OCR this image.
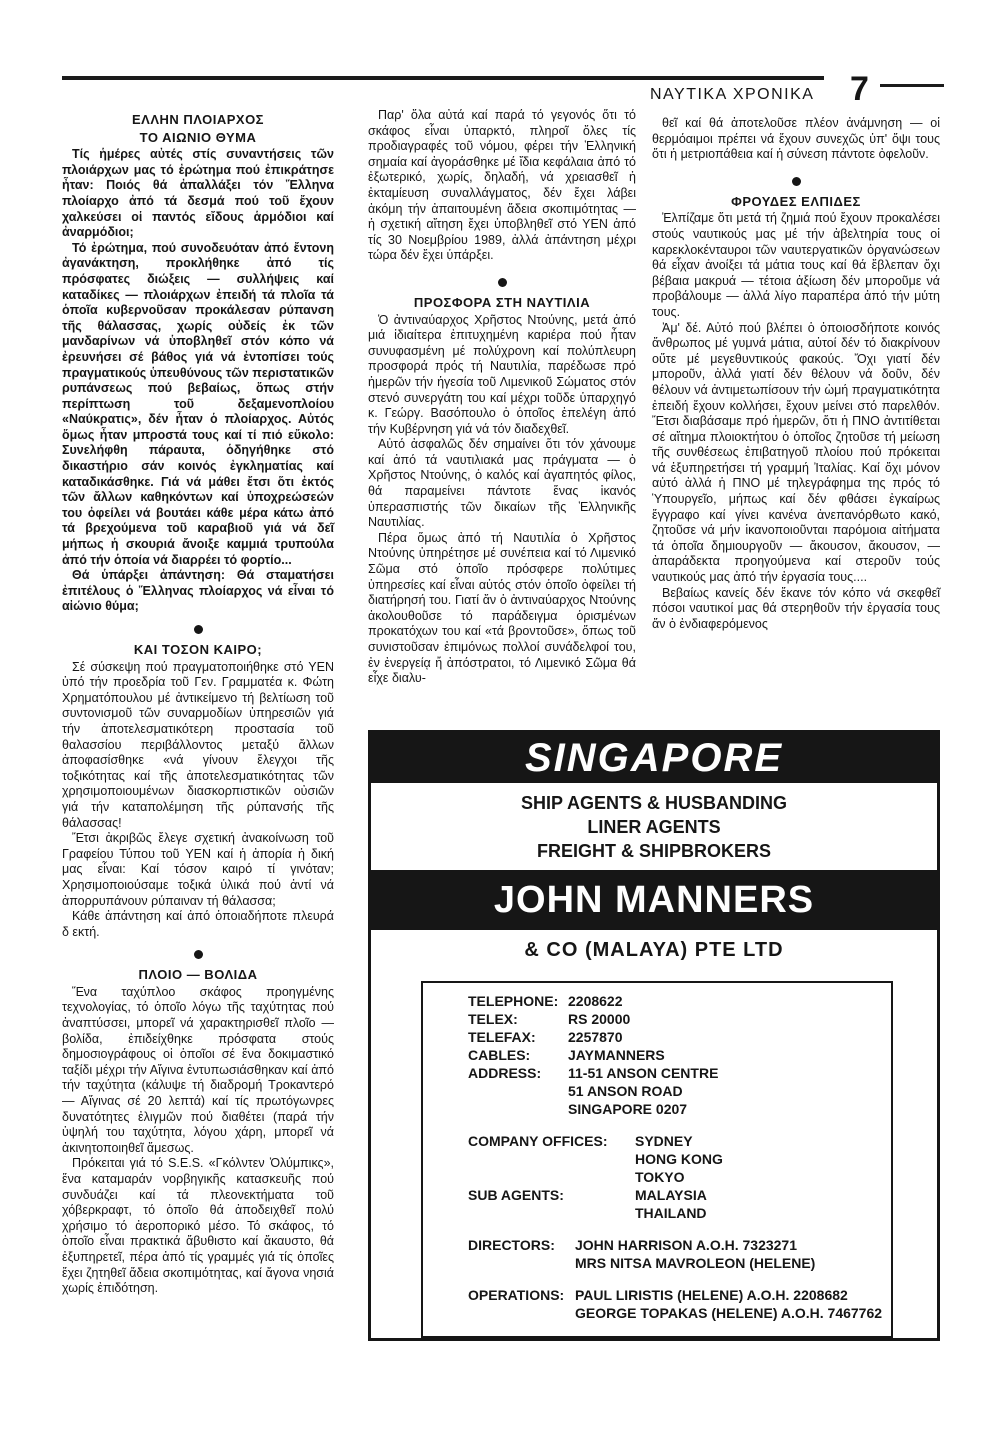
ΝΑΥΤΙΚΑ ΧΡΟΝΙΚΑ 7
ΕΛΛΗΝ ΠΛΟΙΑΡΧΟΣ
ΤΟ ΑΙΩΝΙΟ ΘΥΜΑ

Τίς ἡμέρες αὐτές στίς συναντήσεις τῶν πλοιάρχων μας τό ἐρώτημα πού ἐπικράτησε ἦταν: Ποιός θά ἀπαλλάξει τόν Ἕλληνα πλοίαρχο ἀπό τά δεσμά πού τοῦ ἔχουν χαλκεύσει οἱ παντός εἴδους ἁρμόδιοι καί ἀναρμόδιοι;

Τό ἐρώτημα, πού συνοδευόταν ἀπό ἔντονη ἀγανάκτηση, προκλήθηκε ἀπό τίς πρόσφατες διώξεις — συλλήψεις καί καταδίκες — πλοιάρχων ἐπειδή τά πλοῖα τά ὁποῖα κυβερνοῦσαν προκάλεσαν ρύπανση τῆς θάλασσας, χωρίς οὐδείς ἐκ τῶν μανδαρίνων νά ὑποβληθεῖ στόν κόπο νά ἐρευνήσει σέ βάθος γιά νά ἐντοπίσει τούς πραγματικούς ὑπευθύνους τῶν περιστατικῶν ρυπάνσεως πού βεβαίως, ὅπως στήν περίπτωση τοῦ δεξαμενοπλοίου «Ναύκρατις», δέν ἦταν ὁ πλοίαρχος. Αὐτός ὅμως ἦταν μπροστά τους καί τί πιό εὔκολο: Συνελήφθη πάραυτα, ὁδηγήθηκε στό δικαστήριο σάν κοινός ἐγκληματίας καί καταδικάσθηκε. Γιά νά μάθει ἔτσι ὅτι ἐκτός τῶν ἄλλων καθηκόντων καί ὑποχρεώσεών του ὀφείλει νά βουτάει κάθε μέρα κάτω ἀπό τά βρεχούμενα τοῦ καραβιοῦ γιά νά δεῖ μήπως ἡ σκουριά ἄνοιξε καμμιά τρυπούλα ἀπό τήν ὁποία νά διαρρέει τό φορτίο...

Θά ὑπάρξει ἀπάντηση: Θά σταματήσει ἐπιτέλους ὁ Ἕλληνας πλοίαρχος νά εἶναι τό αἰώνιο θύμα;

ΚΑΙ ΤΟΣΟΝ ΚΑΙΡΟ;

Σέ σύσκεψη πού πραγματοποιήθηκε στό ΥΕΝ ὑπό τήν προεδρία τοῦ Γεν. Γραμματέα κ. Φώτη Χρηματόπουλου μέ ἀντικείμενο τή βελτίωση τοῦ συντονισμοῦ τῶν συναρμοδίων ὑπηρεσιῶν γιά τήν ἀποτελεσματικότερη προστασία τοῦ θαλασσίου περιβάλλοντος μεταξύ ἄλλων ἀποφασίσθηκε «νά γίνουν ἔλεγχοι τῆς τοξικότητας καί τῆς ἀποτελεσματικότητας τῶν χρησιμοποιουμένων διασκορπιστικῶν οὐσιῶν γιά τήν καταπολέμηση τῆς ρύπανσής τῆς θάλασσας!

Ἔτσι ἀκριβῶς ἔλεγε σχετική ἀνακοίνωση τοῦ Γραφείου Τύπου τοῦ ΥΕΝ καί ἡ ἀπορία ἡ δική μας εἶναι: Καί τόσον καιρό τί γινόταν; Χρησιμοποιούσαμε τοξικά ὑλικά πού ἀντί νά ἀπορρυπάνουν ρύπαιναν τή θάλασσα;

Κάθε ἀπάντηση καί ἀπό ὁποιαδήποτε πλευρά δ εκτή.

ΠΛΟΙΟ — ΒΟΛΙΔΑ

Ἕνα ταχύπλοο σκάφος προηγμένης τεχνολογίας, τό ὁποῖο λόγω τῆς ταχύτητας πού ἀναπτύσσει, μπορεῖ νά χαρακτηρισθεῖ πλοῖο — βολίδα, ἐπιδείχθηκε πρόσφατα στούς δημοσιογράφους οἱ ὁποῖοι σέ ἕνα δοκιμαστικό ταξίδι μέχρι τήν Αἴγινα ἐντυπωσιάσθηκαν καί ἀπό τήν ταχύτητα (κάλυψε τή διαδρομή Τροκαντερό — Αἴγινας σέ 20 λεπτά) καί τίς πρωτόγωνρες δυνατότητες ἐλιγμῶν πού διαθέτει (παρά τήν ὑψηλή του ταχύτητα, λόγου χάρη, μπορεῖ νά ἀκινητοποιηθεῖ ἄμεσως.

Πρόκειται γιά τό S.E.S. «Γκόλντεν Ὀλύμπικς», ἕνα καταμαράν νορβηγικῆς κατασκευῆς πού συνδυάζει καί τά πλεονεκτήματα τοῦ χόβερκραφτ, τό ὁποῖο θά ἀποδειχθεῖ πολύ χρήσιμο τό ἀεροπορικό μέσο. Τό σκάφος, τό ὁποῖο εἶναι πρακτικά ἄβυθιστο καί ἄκαυστο, θά ἐξυπηρετεῖ, πέρα ἀπό τίς γραμμές γιά τίς ὁποῖες ἔχει ζητηθεῖ ἄδεια σκοπιμότητας, καί ἄγονα νησιά χωρίς ἐπιδότηση.

Παρ' ὅλα αὐτά καί παρά τό γεγονός ὅτι τό σκάφος εἶναι ὑπαρκτό, πληροῖ ὅλες τίς προδιαγραφές τοῦ νόμου, φέρει τήν Ἑλληνική σημαία καί ἀγοράσθηκε μέ ἴδια κεφάλαια ἀπό τό ἐξωτερικό, χωρίς, δηλαδή, νά χρειασθεῖ ἡ ἐκταμίευση συναλλάγματος, δέν ἔχει λάβει ἀκόμη τήν ἀπαιτουμένη ἄδεια σκοπιμότητας — ἡ σχετική αἴτηση ἔχει ὑποβληθεῖ στό ΥΕΝ ἀπό τίς 30 Νοεμβρίου 1989, ἀλλά ἀπάντηση μέχρι τώρα δέν ἔχει ὑπάρξει.

ΠΡΟΣΦΟΡΑ ΣΤΗ ΝΑΥΤΙΛΙΑ

Ὁ ἀντιναύαρχος Χρῆστος Ντούνης, μετά ἀπό μιά ἰδιαίτερα ἐπιτυχημένη καριέρα πού ἦταν συνυφασμένη μέ πολύχρονη καί πολύπλευρη προσφορά πρός τή Ναυτιλία, παρέδωσε πρό ἡμερῶν τήν ἡγεσία τοῦ Λιμενικοῦ Σώματος στόν στενό συνεργάτη του καί μέχρι τοῦδε ὑπαρχηγό κ. Γεώργ. Βασόπουλο ὁ ὁποῖος ἐπελέγη ἀπό τήν Κυβέρνηση γιά νά τόν διαδεχθεῖ.

Αὐτό ἀσφαλῶς δέν σημαίνει ὅτι τόν χάνουμε καί ἀπό τά ναυτιλιακά μας πράγματα — ὁ Χρῆστος Ντούνης, ὁ καλός καί ἀγαπητός φίλος, θά παραμείνει πάντοτε ἕνας ἱκανός ὑπερασπιστής τῶν δικαίων τῆς Ἑλληνικῆς Ναυτιλίας.

Πέρα ὅμως ἀπό τή Ναυτιλία ὁ Χρῆστος Ντούνης ὑπηρέτησε μέ συνέπεια καί τό Λιμενικό Σῶμα στό ὁποῖο πρόσφερε πολύτιμες ὑπηρεσίες καί εἶναι αὐτός στόν ὁποῖο ὀφείλει τή διατήρησή του. Γιατί ἄν ὁ ἀντιναύαρχος Ντούνης ἀκολουθοῦσε τό παράδειγμα ὁρισμένων προκατόχων του καί «τά βροντοῦσε», ὅπως τοῦ συνιστοῦσαν ἐπιμόνως πολλοί συνάδελφοί του, ἐν ἐνεργείᾳ ἤ ἀπόστρατοι, τό Λιμενικό Σῶμα θά εἶχε διαλυ-

θεῖ καί θά ἀποτελοῦσε πλέον ἀνάμνηση — οἱ θερμόαιμοι πρέπει νά ἔχουν συνεχῶς ὑπ' ὄψι τους ὅτι ἡ μετριοπάθεια καί ἡ σύνεση πάντοτε ὀφελοῦν.

ΦΡΟΥΔΕΣ ΕΛΠΙΔΕΣ

Ἐλπίζαμε ὅτι μετά τή ζημιά πού ἔχουν προκαλέσει στούς ναυτικούς μας μέ τήν ἀβελτηρία τους οἱ καρεκλοκένταυροι τῶν ναυτεργατικῶν ὀργανώσεων θά εἶχαν ἀνοίξει τά μάτια τους καί θά ἔβλεπαν ὄχι βέβαια μακρυά — τέτοια ἀξίωση δέν μποροῦμε νά προβάλουμε — ἀλλά λίγο παραπέρα ἀπό τήν μύτη τους.

Ἀμ' δέ. Αὐτό πού βλέπει ὁ ὁποιοσδήποτε κοινός ἄνθρωπος μέ γυμνά μάτια, αὐτοί δέν τό διακρίνουν οὔτε μέ μεγεθυντικούς φακούς. Ὄχι γιατί δέν μποροῦν, ἀλλά γιατί δέν θέλουν νά δοῦν, δέν θέλουν νά ἀντιμετωπίσουν τήν ὠμή πραγματικότητα ἐπειδή ἔχουν κολλήσει, ἔχουν μείνει στό παρελθόν. Ἔτσι διαβάσαμε πρό ἡμερῶν, ὅτι ἡ ΠΝΟ ἀντιτίθεται σέ αἴτημα πλοιοκτήτου ὁ ὁποῖος ζητοῦσε τή μείωση τῆς συνθέσεως ἐπιβατηγοῦ πλοίου πού πρόκειται νά ἐξυπηρετήσει τή γραμμή Ἰταλίας. Καί ὄχι μόνον αὐτό ἀλλά ἡ ΠΝΟ μέ τηλεγράφημα της πρός τό Ὑπουργεῖο, μήπως καί δέν φθάσει ἐγκαίρως ἔγγραφο καί γίνει κανένα ἀνεπανόρθωτο κακό, ζητοῦσε νά μήν ἱκανοποιοῦνται παρόμοια αἰτήματα τά ὁποῖα δημιουργοῦν — ἄκουσον, ἄκουσον, — ἀπαράδεκτα προηγούμενα καί στεροῦν τούς ναυτικούς μας ἀπό τήν ἐργασία τους....

Βεβαίως κανείς δέν ἔκανε τόν κόπο νά σκεφθεῖ πόσοι ναυτικοί μας θά στερηθοῦν τήν ἐργασία τους ἄν ὁ ἐνδιαφερόμενος

SINGAPORE
SHIP AGENTS & HUSBANDING
LINER AGENTS
FREIGHT & SHIPBROKERS
JOHN MANNERS
& CO (MALAYA) PTE LTD
TELEPHONE: 2208622
TELEX:	RS 20000
TELEFAX: 2257870
CABLES:	JAYMANNERS
ADDRESS: 11-51 ANSON CENTRE
51 ANSON ROAD
SINGAPORE 0207
COMPANY OFFICES: SYDNEY
HONG KONG
TOKYO
SUB AGENTS:	MALAYSIA
THAILAND
DIRECTORS: JOHN HARRISON A.O.H. 7323271
MRS NITSA MAVROLEON (HELENE)
OPERATIONS: PAUL LIRISTIS (HELENE) A.O.H. 2208682
GEORGE TOPAKAS (HELENE) A.O.H. 7467762
